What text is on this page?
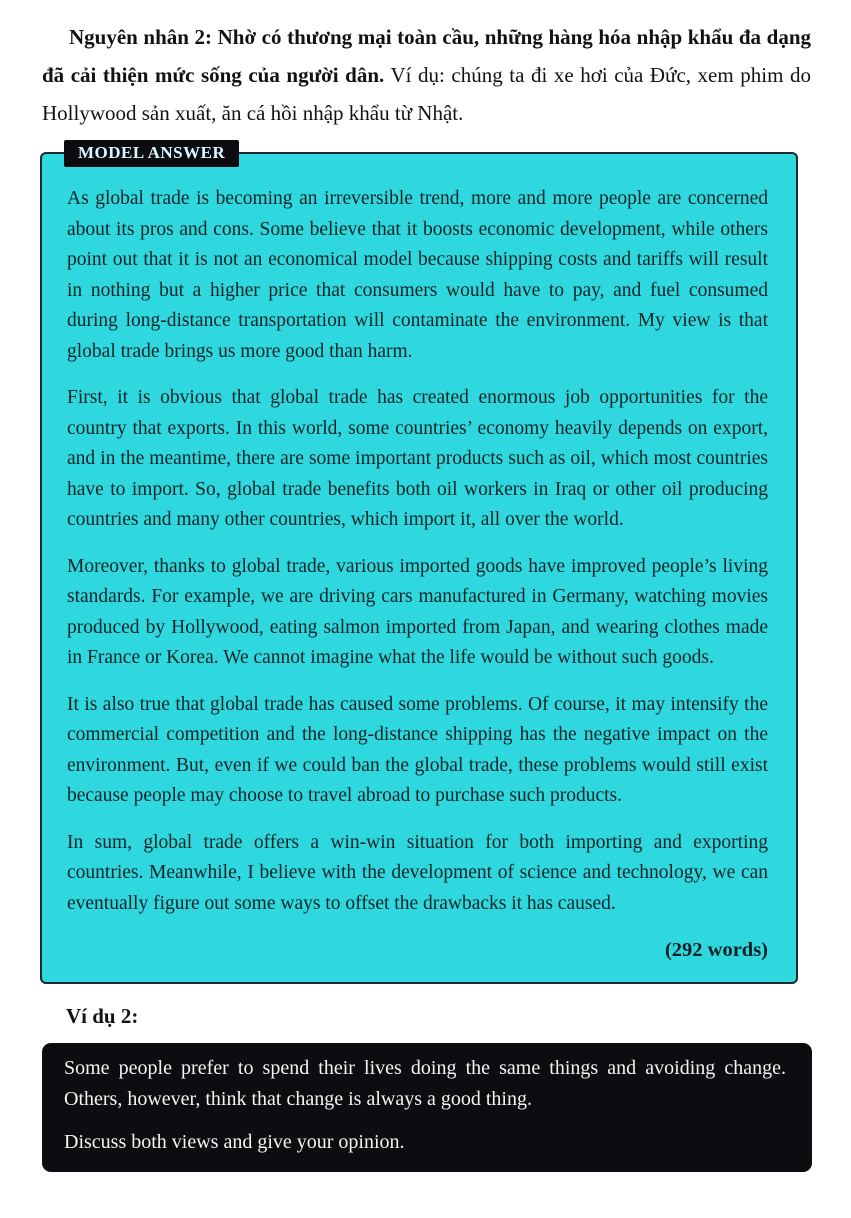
Nguyên nhân 2: Nhờ có thương mại toàn cầu, những hàng hóa nhập khẩu đa dạng đã cải thiện mức sống của người dân. Ví dụ: chúng ta đi xe hơi của Đức, xem phim do Hollywood sản xuất, ăn cá hồi nhập khẩu từ Nhật.

MODEL ANSWER

As global trade is becoming an irreversible trend, more and more people are concerned about its pros and cons. Some believe that it boosts economic development, while others point out that it is not an economical model because shipping costs and tariffs will result in nothing but a higher price that consumers would have to pay, and fuel consumed during long-distance transportation will contaminate the environment. My view is that global trade brings us more good than harm.

First, it is obvious that global trade has created enormous job opportunities for the country that exports. In this world, some countries’ economy heavily depends on export, and in the meantime, there are some important products such as oil, which most countries have to import. So, global trade benefits both oil workers in Iraq or other oil producing countries and many other countries, which import it, all over the world.

Moreover, thanks to global trade, various imported goods have improved people’s living standards. For example, we are driving cars manufactured in Germany, watching movies produced by Hollywood, eating salmon imported from Japan, and wearing clothes made in France or Korea. We cannot imagine what the life would be without such goods.

It is also true that global trade has caused some problems. Of course, it may intensify the commercial competition and the long-distance shipping has the negative impact on the environment. But, even if we could ban the global trade, these problems would still exist because people may choose to travel abroad to purchase such products.

In sum, global trade offers a win-win situation for both importing and exporting countries. Meanwhile, I believe with the development of science and technology, we can eventually figure out some ways to offset the drawbacks it has caused.

(292 words)

Ví dụ 2:

Some people prefer to spend their lives doing the same things and avoiding change. Others, however, think that change is always a good thing.

Discuss both views and give your opinion.
